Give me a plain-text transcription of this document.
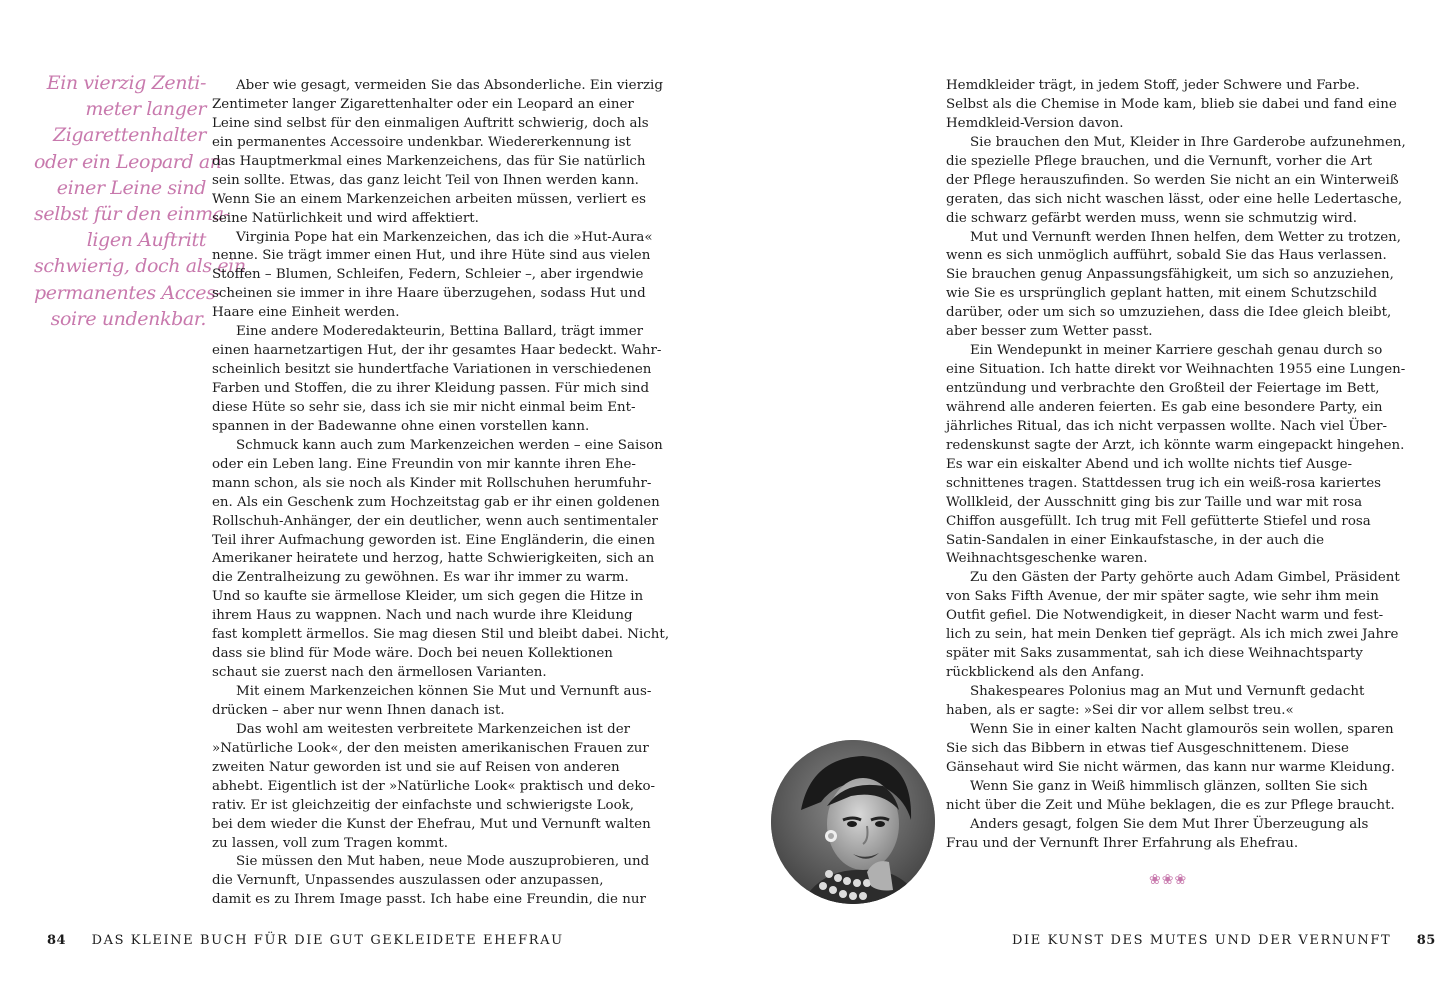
Ein vierzig Zenti-
meter langer
Zigarettenhalter
oder ein Leopard an
einer Leine sind
selbst für den einma-
ligen Auftritt
schwierig, doch als ein
permanentes Acces-
soire undenkbar.
Aber wie gesagt, vermeiden Sie das Absonderliche. Ein vierzig
Zentimeter langer Zigarettenhalter oder ein Leopard an einer
Leine sind selbst für den einmaligen Auftritt schwierig, doch als
ein permanentes Accessoire undenkbar. Wiedererkennung ist
das Hauptmerkmal eines Markenzeichens, das für Sie natürlich
sein sollte. Etwas, das ganz leicht Teil von Ihnen werden kann.
Wenn Sie an einem Markenzeichen arbeiten müssen, verliert es
seine Natürlichkeit und wird affektiert.
Virginia Pope hat ein Markenzeichen, das ich die »Hut-Aura«
nenne. Sie trägt immer einen Hut, und ihre Hüte sind aus vielen
Stoffen – Blumen, Schleifen, Federn, Schleier –, aber irgendwie
scheinen sie immer in ihre Haare überzugehen, sodass Hut und
Haare eine Einheit werden.
Eine andere Moderedakteurin, Bettina Ballard, trägt immer
einen haarnetzartigen Hut, der ihr gesamtes Haar bedeckt. Wahr-
scheinlich besitzt sie hundertfache Variationen in verschiedenen
Farben und Stoffen, die zu ihrer Kleidung passen. Für mich sind
diese Hüte so sehr sie, dass ich sie mir nicht einmal beim Ent-
spannen in der Badewanne ohne einen vorstellen kann.
Schmuck kann auch zum Markenzeichen werden – eine Saison
oder ein Leben lang. Eine Freundin von mir kannte ihren Ehe-
mann schon, als sie noch als Kinder mit Rollschuhen herumfuhr-
en. Als ein Geschenk zum Hochzeitstag gab er ihr einen goldenen
Rollschuh-Anhänger, der ein deutlicher, wenn auch sentimentaler
Teil ihrer Aufmachung geworden ist. Eine Engländerin, die einen
Amerikaner heiratete und herzog, hatte Schwierigkeiten, sich an
die Zentralheizung zu gewöhnen. Es war ihr immer zu warm.
Und so kaufte sie ärmellose Kleider, um sich gegen die Hitze in
ihrem Haus zu wappnen. Nach und nach wurde ihre Kleidung
fast komplett ärmellos. Sie mag diesen Stil und bleibt dabei. Nicht,
dass sie blind für Mode wäre. Doch bei neuen Kollektionen
schaut sie zuerst nach den ärmellosen Varianten.
Mit einem Markenzeichen können Sie Mut und Vernunft aus-
drücken – aber nur wenn Ihnen danach ist.
Das wohl am weitesten verbreitete Markenzeichen ist der
»Natürliche Look«, der den meisten amerikanischen Frauen zur
zweiten Natur geworden ist und sie auf Reisen von anderen
abhebt. Eigentlich ist der »Natürliche Look« praktisch und deko-
rativ. Er ist gleichzeitig der einfachste und schwierigste Look,
bei dem wieder die Kunst der Ehefrau, Mut und Vernunft walten
zu lassen, voll zum Tragen kommt.
Sie müssen den Mut haben, neue Mode auszuprobieren, und
die Vernunft, Unpassendes auszulassen oder anzupassen,
damit es zu Ihrem Image passt. Ich habe eine Freundin, die nur
84 DAS KLEINE BUCH FÜR DIE GUT GEKLEIDETE EHEFRAU
Hemdkleider trägt, in jedem Stoff, jeder Schwere und Farbe.
Selbst als die Chemise in Mode kam, blieb sie dabei und fand eine
Hemdkleid-Version davon.
Sie brauchen den Mut, Kleider in Ihre Garderobe aufzunehmen,
die spezielle Pflege brauchen, und die Vernunft, vorher die Art
der Pflege herauszufinden. So werden Sie nicht an ein Winterweiß
geraten, das sich nicht waschen lässt, oder eine helle Ledertasche,
die schwarz gefärbt werden muss, wenn sie schmutzig wird.
Mut und Vernunft werden Ihnen helfen, dem Wetter zu trotzen,
wenn es sich unmöglich aufführt, sobald Sie das Haus verlassen.
Sie brauchen genug Anpassungsfähigkeit, um sich so anzuziehen,
wie Sie es ursprünglich geplant hatten, mit einem Schutzschild
darüber, oder um sich so umzuziehen, dass die Idee gleich bleibt,
aber besser zum Wetter passt.
Ein Wendepunkt in meiner Karriere geschah genau durch so
eine Situation. Ich hatte direkt vor Weihnachten 1955 eine Lungen-
entzündung und verbrachte den Großteil der Feiertage im Bett,
während alle anderen feierten. Es gab eine besondere Party, ein
jährliches Ritual, das ich nicht verpassen wollte. Nach viel Über-
redenskunst sagte der Arzt, ich könnte warm eingepackt hingehen.
Es war ein eiskalter Abend und ich wollte nichts tief Ausge-
schnittenes tragen. Stattdessen trug ich ein weiß-rosa kariertes
Wollkleid, der Ausschnitt ging bis zur Taille und war mit rosa
Chiffon ausgefüllt. Ich trug mit Fell gefütterte Stiefel und rosa
Satin-Sandalen in einer Einkaufstasche, in der auch die
Weihnachtsgeschenke waren.
Zu den Gästen der Party gehörte auch Adam Gimbel, Präsident
von Saks Fifth Avenue, der mir später sagte, wie sehr ihm mein
Outfit gefiel. Die Notwendigkeit, in dieser Nacht warm und fest-
lich zu sein, hat mein Denken tief geprägt. Als ich mich zwei Jahre
später mit Saks zusammentat, sah ich diese Weihnachtsparty
rückblickend als den Anfang.
Shakespeares Polonius mag an Mut und Vernunft gedacht
haben, als er sagte: »Sei dir vor allem selbst treu.«
Wenn Sie in einer kalten Nacht glamourös sein wollen, sparen
Sie sich das Bibbern in etwas tief Ausgeschnittenem. Diese
Gänsehaut wird Sie nicht wärmen, das kann nur warme Kleidung.
Wenn Sie ganz in Weiß himmlisch glänzen, sollten Sie sich
nicht über die Zeit und Mühe beklagen, die es zur Pflege braucht.
Anders gesagt, folgen Sie dem Mut Ihrer Überzeugung als
Frau und der Vernunft Ihrer Erfahrung als Ehefrau.
❀❀❀
DIE KUNST DES MUTES UND DER VERNUNFT 85
